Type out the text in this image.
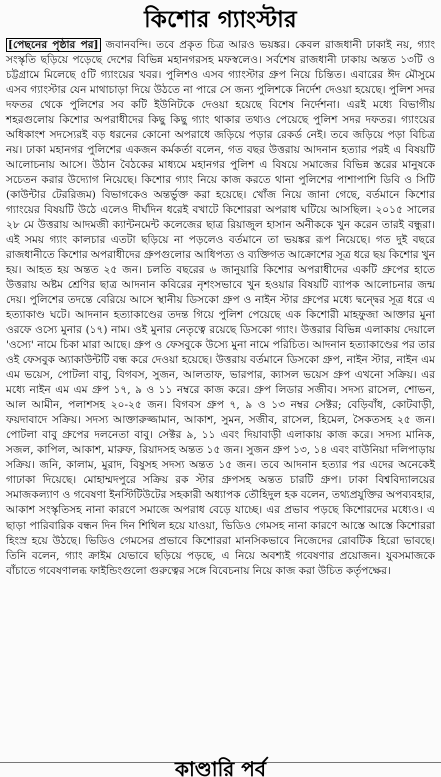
কিশোর গ্যাংস্টার

[পেছনের পৃষ্ঠার পর] জবানবন্দি। তবে প্রকৃত চিত্র আরও ভয়ঙ্কর। কেবল রাজধানী ঢাকাই নয়, গ্যাং সংস্কৃতি ছড়িয়ে পড়েছে দেশের বিভিন্ন মহানগরসহ মফস্বলেও। সর্বশেষ রাজধানী ঢাকায় অন্তত ১৩টি ও চট্টগ্রামে মিলেছে ৫টি গ্যাংয়ের খবর। পুলিশও এসব গ্যাংস্টার গ্রুপ নিয়ে চিন্তিত। এবারের ঈদ মৌসুমে এসব গ্যাংস্টার যেন মাথাচাড়া দিয়ে উঠতে না পারে সে জন্য পুলিশকে নির্দেশ দেওয়া হয়েছে। পুলিশ সদর দফতর থেকে পুলিশের সব কটি ইউনিটকে দেওয়া হয়েছে বিশেষ নির্দেশনা। এরই মধ্যে বিভাগীয় শহরগুলোয় কিশোর অপরাধীদের কিছু কিছু গ্যাং থাকার তথ্যও পেয়েছে পুলিশ সদর দফতর। গ্যাংয়ের অধিকাংশ সদস্যেরই বড় ধরনের কোনো অপরাধে জড়িয়ে পড়ার রেকর্ড নেই। তবে জড়িয়ে পড়া বিচিত্র নয়। ঢাকা মহানগর পুলিশের একজন কর্মকর্তা বলেন, গত বছর উত্তরায় আদনান হত্যার পরই এ বিষয়টি আলোচনায় আসে। উঠান বৈঠকের মাধ্যমে মহানগর পুলিশ এ বিষয়ে সমাজের বিভিন্ন স্তরের মানুষকে সচেতন করার উদ্যোগ নিয়েছে। কিশোর গ্যাং নিয়ে কাজ করতে থানা পুলিশের পাশাপাশি ডিবি ও সিটি (কাউন্টার টেররিজম) বিভাগকেও অন্তর্ভুক্ত করা হয়েছে। খোঁজ নিয়ে জানা গেছে, বর্তমানে কিশোর গ্যাংয়ের বিষয়টি উঠে এলেও দীর্ঘদিন ধরেই বখাটে কিশোররা অপরাধ ঘটিয়ে আসছিল। ২০১৫ সালের ২৮ মে উত্তরায় আদমজী ক্যান্টনমেন্ট কলেজের ছাত্র রিয়াজুল হাসান অনীককে খুন করেন তারই বন্ধুরা। এই সময় গ্যাং কালচার এতটা ছড়িয়ে না পড়লেও বর্তমানে তা ভয়ঙ্কর রূপ নিয়েছে। গত দুই বছরে রাজধানীতে কিশোর অপরাধীদের গ্রুপগুলোর আধিপত্য ও ব্যক্তিগত আক্রোশের সূত্র ধরে ছয় কিশোর খুন হয়। আহত হয় অন্তত ২৫ জন। চলতি বছরের ৬ জানুয়ারি কিশোর অপরাধীদের একটি গ্রুপের হাতে উত্তরায় অষ্টম শ্রেণির ছাত্র আদনান কবিরের নৃশংসভাবে খুন হওয়ার বিষয়টি ব্যাপক আলোচনার জন্ম দেয়। পুলিশের তদন্তে বেরিয়ে আসে স্থানীয় ডিসকো গ্রুপ ও নাইন স্টার গ্রুপের মধ্যে দ্বন্দ্বের সূত্র ধরে এ হত্যাকাণ্ড ঘটে। আদনান হত্যাকাণ্ডের তদন্ত গিয়ে পুলিশ পেয়েছে এক কিশোরী মাহফুজা আক্তার মুনা ওরফে ওস্যে মুনার (১৭) নাম। ওই মুনার নেতৃত্বে রয়েছে ডিসকো গ্যাং। উত্তরার বিভিন্ন এলাকায় দেয়ালে 'ওস্যে' নামে চিকা মারা আছে। গ্রুপ ও ফেসবুকে উস্যে মুনা নামে পরিচিত। আদনান হত্যাকাণ্ডের পর তার ওই ফেসবুক অ্যাকাউন্টটি বন্ধ করে দেওয়া হয়েছে। উত্তরায় বর্তমানে ডিসকো গ্রুপ, নাইন স্টার, নাইন এম এম ভয়েস, পোটলা বাবু, বিগবস, সুজন, আলতাফ, ভারপার, ক্যাসল ভয়েস গ্রুপ এখনো সক্রিয়। এর মধ্যে নাইন এম এম গ্রুপ ১৭, ৯ ও ১১ নম্বরে কাজ করে। গ্রুপ লিডার সজীব। সদস্য রাসেল, শোভন, আল আমীন, পলাশসহ ২০-২৫ জন। বিগবস গ্রুপ ৭, ৯ ও ১৩ নম্বর সেক্টর; বেড়িবাঁধ, কোটবাড়ী, ফয়দাবাদে সক্রিয়। সদস্য আক্তারুজ্জামান, আকাশ, সুমন, সজীব, রাসেল, হিমেল, সৈকতসহ ২৫ জন। পোটলা বাবু গ্রুপের দলনেতা বাবু। সেক্টর ৯, ১১ এবং দিয়াবাড়ী এলাকায় কাজ করে। সদস্য মানিক, সজল, কাপিল, আকাশ, মারুফ, রিয়াদসহ অন্তত ১৫ জন। সুজন গ্রুপ ১৩, ১৪ এবং বাউনিয়া দলিপাড়ায় সক্রিয়। জনি, কালাম, মুরাদ, বিষুসহ সদস্য অন্তত ১৫ জন। তবে আদনান হত্যার পর এদের অনেকেই গাঢাকা দিয়েছে। মোহাম্মদপুরে সক্রিয় রক স্টার গ্রুপসহ অন্তত চারটি গ্রুপ। ঢাকা বিশ্ববিদ্যালয়ের সমাজকল্যাণ ও গবেষণা ইনস্টিটিউটের সহকারী অধ্যাপক তৌহিদুল হক বলেন, তথ্যপ্রযুক্তির অপব্যবহার, আকাশ সংস্কৃতিসহ নানা কারণে সমাজে অপরাধ বেড়ে যাচ্ছে। এর প্রভাব পড়ছে কিশোরদের মধ্যেও। এ ছাড়া পারিবারিক বন্ধন দিন দিন শিথিল হয়ে যাওয়া, ভিডিও গেমসহ নানা কারণে আস্তে আস্তে কিশোররা হিংস্র হয়ে উঠছে। ভিডিও গেমসের প্রভাবে কিশোররা মানসিকভাবে নিজেদের রোবটিক হিরো ভাবছে। তিনি বলেন, গ্যাং ক্রাইম যেভাবে ছড়িয়ে পড়ছে, এ নিয়ে অবশ্যই গবেষণার প্রয়োজন। যুবসমাজকে বাঁচাতে গবেষণালব্ধ ফাইন্ডিংগুলো গুরুত্বের সঙ্গে বিবেচনায় নিয়ে কাজ করা উচিত কর্তৃপক্ষের।

কাণ্ডারি পর্ব
